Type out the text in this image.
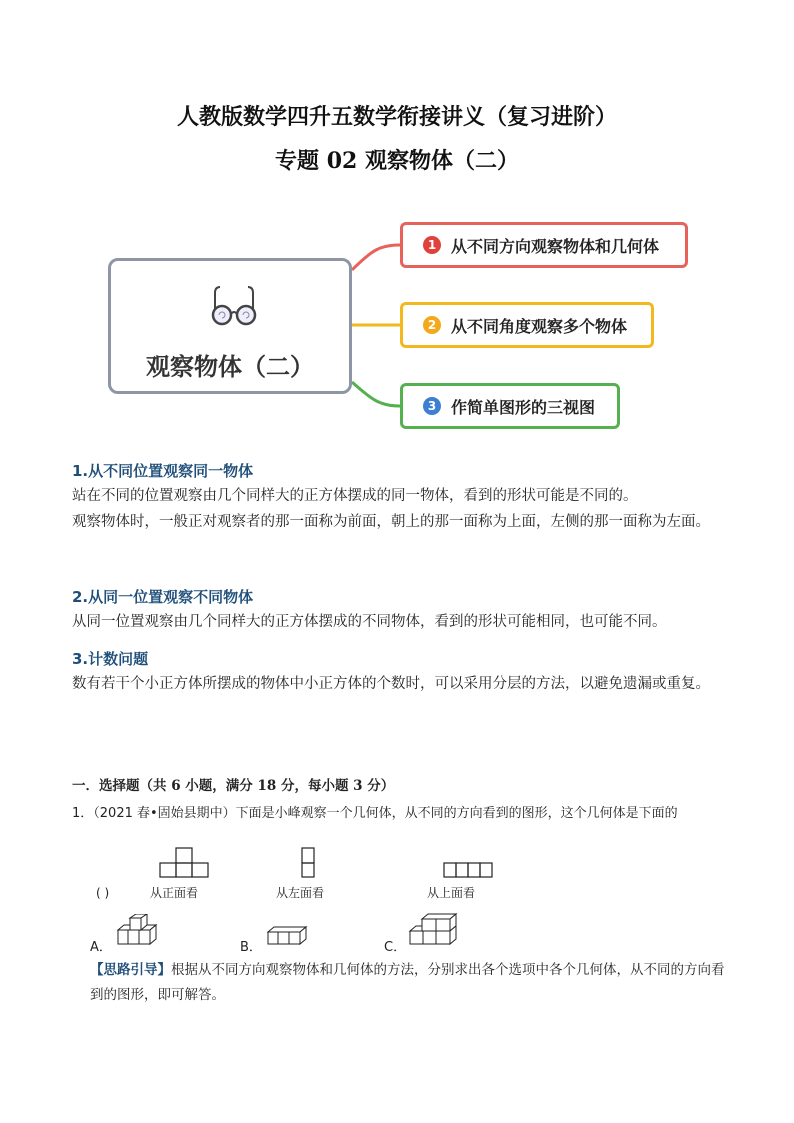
人教版数学四升五数学衔接讲义（复习进阶）
专题 02 观察物体（二）
观察物体（二）
1 从不同方向观察物体和几何体
2 从不同角度观察多个物体
3 作简单图形的三视图
1.从不同位置观察同一物体

站在不同的位置观察由几个同样大的正方体摆成的同一物体，看到的形状可能是不同的。

观察物体时，一般正对观察者的那一面称为前面，朝上的那一面称为上面，左侧的那一面称为左面。

2.从同一位置观察不同物体

从同一位置观察由几个同样大的正方体摆成的不同物体，看到的形状可能相同，也可能不同。

3.计数问题

数有若干个小正方体所摆成的物体中小正方体的个数时，可以采用分层的方法，以避免遗漏或重复。

一．选择题（共 6 小题，满分 18 分，每小题 3 分）
1．（2021 春•固始县期中）下面是小峰观察一个几何体，从不同的方向看到的图形，这个几何体是下面的
( )	从正面看	从左面看	从上面看
A．	B．	C．
【思路引导】根据从不同方向观察物体和几何体的方法，分别求出各个选项中各个几何体，从不同的方向看到的图形，即可解答。
